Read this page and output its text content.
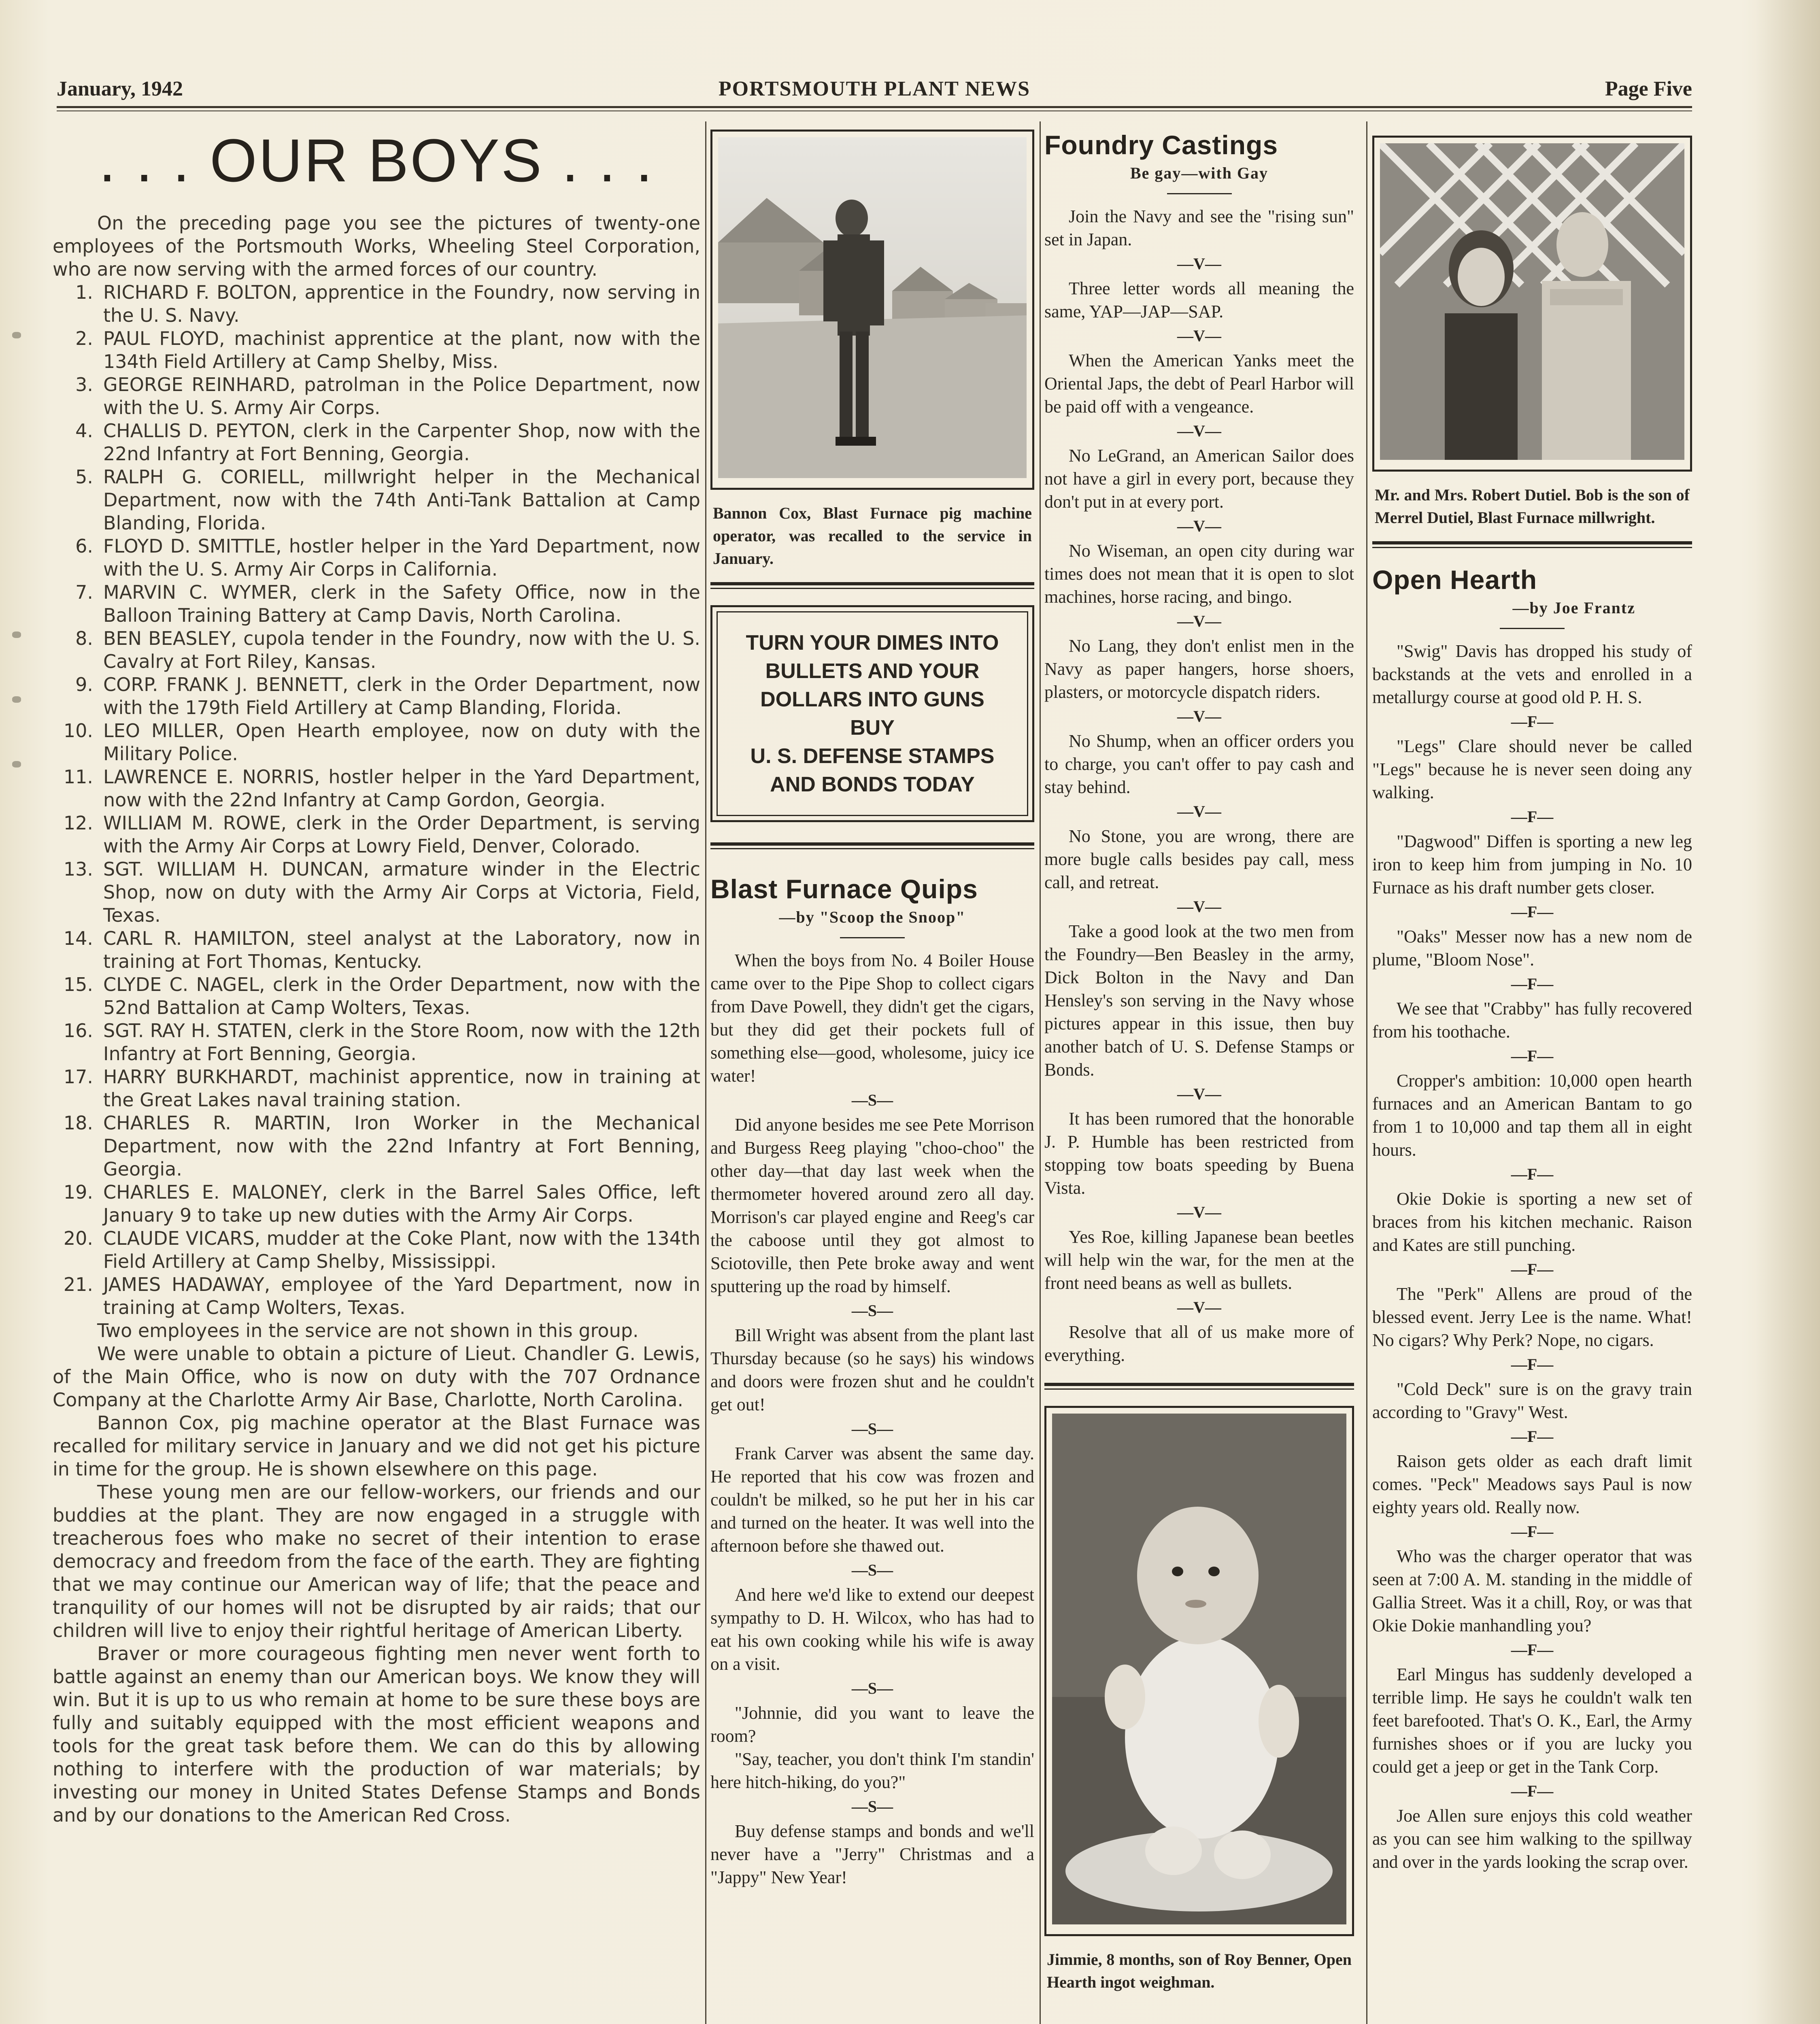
January, 1942	PORTSMOUTH PLANT NEWS	Page Five
. . . OUR BOYS . . .

On the preceding page you see the pictures of twenty-one employees of the Portsmouth Works, Wheeling Steel Corporation, who are now serving with the armed forces of our country.

1. RICHARD F. BOLTON, apprentice in the Foundry, now serving in the U. S. Navy.
2. PAUL FLOYD, machinist apprentice at the plant, now with the 134th Field Artillery at Camp Shelby, Miss.
3. GEORGE REINHARD, patrolman in the Police Department, now with the U. S. Army Air Corps.
4. CHALLIS D. PEYTON, clerk in the Carpenter Shop, now with the 22nd Infantry at Fort Benning, Georgia.
5. RALPH G. CORIELL, millwright helper in the Mechanical Department, now with the 74th Anti-Tank Battalion at Camp Blanding, Florida.
6. FLOYD D. SMITTLE, hostler helper in the Yard Department, now with the U. S. Army Air Corps in California.
7. MARVIN C. WYMER, clerk in the Safety Office, now in the Balloon Training Battery at Camp Davis, North Carolina.
8. BEN BEASLEY, cupola tender in the Foundry, now with the U. S. Cavalry at Fort Riley, Kansas.
9. CORP. FRANK J. BENNETT, clerk in the Order Department, now with the 179th Field Artillery at Camp Blanding, Florida.
10. LEO MILLER, Open Hearth employee, now on duty with the Military Police.
11. LAWRENCE E. NORRIS, hostler helper in the Yard Department, now with the 22nd Infantry at Camp Gordon, Georgia.
12. WILLIAM M. ROWE, clerk in the Order Department, is serving with the Army Air Corps at Lowry Field, Denver, Colorado.
13. SGT. WILLIAM H. DUNCAN, armature winder in the Electric Shop, now on duty with the Army Air Corps at Victoria, Field, Texas.
14. CARL R. HAMILTON, steel analyst at the Laboratory, now in training at Fort Thomas, Kentucky.
15. CLYDE C. NAGEL, clerk in the Order Department, now with the 52nd Battalion at Camp Wolters, Texas.
16. SGT. RAY H. STATEN, clerk in the Store Room, now with the 12th Infantry at Fort Benning, Georgia.
17. HARRY BURKHARDT, machinist apprentice, now in training at the Great Lakes naval training station.
18. CHARLES R. MARTIN, Iron Worker in the Mechanical Department, now with the 22nd Infantry at Fort Benning, Georgia.
19. CHARLES E. MALONEY, clerk in the Barrel Sales Office, left January 9 to take up new duties with the Army Air Corps.
20. CLAUDE VICARS, mudder at the Coke Plant, now with the 134th Field Artillery at Camp Shelby, Mississippi.
21. JAMES HADAWAY, employee of the Yard Department, now in training at Camp Wolters, Texas.

Two employees in the service are not shown in this group.

We were unable to obtain a picture of Lieut. Chandler G. Lewis, of the Main Office, who is now on duty with the 707 Ordnance Company at the Charlotte Army Air Base, Charlotte, North Carolina.

Bannon Cox, pig machine operator at the Blast Furnace was recalled for military service in January and we did not get his picture in time for the group. He is shown elsewhere on this page.

These young men are our fellow-workers, our friends and our buddies at the plant. They are now engaged in a struggle with treacherous foes who make no secret of their intention to erase democracy and freedom from the face of the earth. They are fighting that we may continue our American way of life; that the peace and tranquility of our homes will not be disrupted by air raids; that our children will live to enjoy their rightful heritage of American Liberty.

Braver or more courageous fighting men never went forth to battle against an enemy than our American boys. We know they will win. But it is up to us who remain at home to be sure these boys are fully and suitably equipped with the most efficient weapons and tools for the great task before them. We can do this by allowing nothing to interfere with the production of war materials; by investing our money in United States Defense Stamps and Bonds and by our donations to the American Red Cross.

Bannon Cox, Blast Furnace pig machine operator, was recalled to the service in January.
TURN YOUR DIMES INTO
BULLETS AND YOUR
DOLLARS INTO GUNS
BUY
U. S. DEFENSE STAMPS
AND BONDS TODAY
Blast Furnace Quips
—by "Scoop the Snoop"

When the boys from No. 4 Boiler House came over to the Pipe Shop to collect cigars from Dave Powell, they didn't get the cigars, but they did get their pockets full of something else—good, wholesome, juicy ice water!

—S—

Did anyone besides me see Pete Morrison and Burgess Reeg playing "choo-choo" the other day—that day last week when the thermometer hovered around zero all day. Morrison's car played engine and Reeg's car the caboose until they got almost to Sciotoville, then Pete broke away and went sputtering up the road by himself.

—S—

Bill Wright was absent from the plant last Thursday because (so he says) his windows and doors were frozen shut and he couldn't get out!

—S—

Frank Carver was absent the same day. He reported that his cow was frozen and couldn't be milked, so he put her in his car and turned on the heater. It was well into the afternoon before she thawed out.

—S—

And here we'd like to extend our deepest sympathy to D. H. Wilcox, who has had to eat his own cooking while his wife is away on a visit.

—S—

"Johnnie, did you want to leave the room?

"Say, teacher, you don't think I'm standin' here hitch-hiking, do you?"

—S—

Buy defense stamps and bonds and we'll never have a "Jerry" Christmas and a "Jappy" New Year!

Foundry Castings
Be gay—with Gay

Join the Navy and see the "rising sun" set in Japan.

—V—

Three letter words all meaning the same, YAP—JAP—SAP.

—V—

When the American Yanks meet the Oriental Japs, the debt of Pearl Harbor will be paid off with a vengeance.

—V—

No LeGrand, an American Sailor does not have a girl in every port, because they don't put in at every port.

—V—

No Wiseman, an open city during war times does not mean that it is open to slot machines, horse racing, and bingo.

—V—

No Lang, they don't enlist men in the Navy as paper hangers, horse shoers, plasters, or motorcycle dispatch riders.

—V—

No Shump, when an officer orders you to charge, you can't offer to pay cash and stay behind.

—V—

No Stone, you are wrong, there are more bugle calls besides pay call, mess call, and retreat.

—V—

Take a good look at the two men from the Foundry—Ben Beasley in the army, Dick Bolton in the Navy and Dan Hensley's son serving in the Navy whose pictures appear in this issue, then buy another batch of U. S. Defense Stamps or Bonds.

—V—

It has been rumored that the honorable J. P. Humble has been restricted from stopping tow boats speeding by Buena Vista.

—V—

Yes Roe, killing Japanese bean beetles will help win the war, for the men at the front need beans as well as bullets.

—V—

Resolve that all of us make more of everything.

Jimmie, 8 months, son of Roy Benner, Open Hearth ingot weighman.
Mr. and Mrs. Robert Dutiel. Bob is the son of Merrel Dutiel, Blast Furnace millwright.
Open Hearth
—by Joe Frantz

"Swig" Davis has dropped his study of backstands at the vets and enrolled in a metallurgy course at good old P. H. S.

—F—

"Legs" Clare should never be called "Legs" because he is never seen doing any walking.

—F—

"Dagwood" Diffen is sporting a new leg iron to keep him from jumping in No. 10 Furnace as his draft number gets closer.

—F—

"Oaks" Messer now has a new nom de plume, "Bloom Nose".

—F—

We see that "Crabby" has fully recovered from his toothache.

—F—

Cropper's ambition: 10,000 open hearth furnaces and an American Bantam to go from 1 to 10,000 and tap them all in eight hours.

—F—

Okie Dokie is sporting a new set of braces from his kitchen mechanic. Raison and Kates are still punching.

—F—

The "Perk" Allens are proud of the blessed event. Jerry Lee is the name. What! No cigars? Why Perk? Nope, no cigars.

—F—

"Cold Deck" sure is on the gravy train according to "Gravy" West.

—F—

Raison gets older as each draft limit comes. "Peck" Meadows says Paul is now eighty years old. Really now.

—F—

Who was the charger operator that was seen at 7:00 A. M. standing in the middle of Gallia Street. Was it a chill, Roy, or was that Okie Dokie manhandling you?

—F—

Earl Mingus has suddenly developed a terrible limp. He says he couldn't walk ten feet barefooted. That's O. K., Earl, the Army furnishes shoes or if you are lucky you could get a jeep or get in the Tank Corp.

—F—

Joe Allen sure enjoys this cold weather as you can see him walking to the spillway and over in the yards looking the scrap over.
